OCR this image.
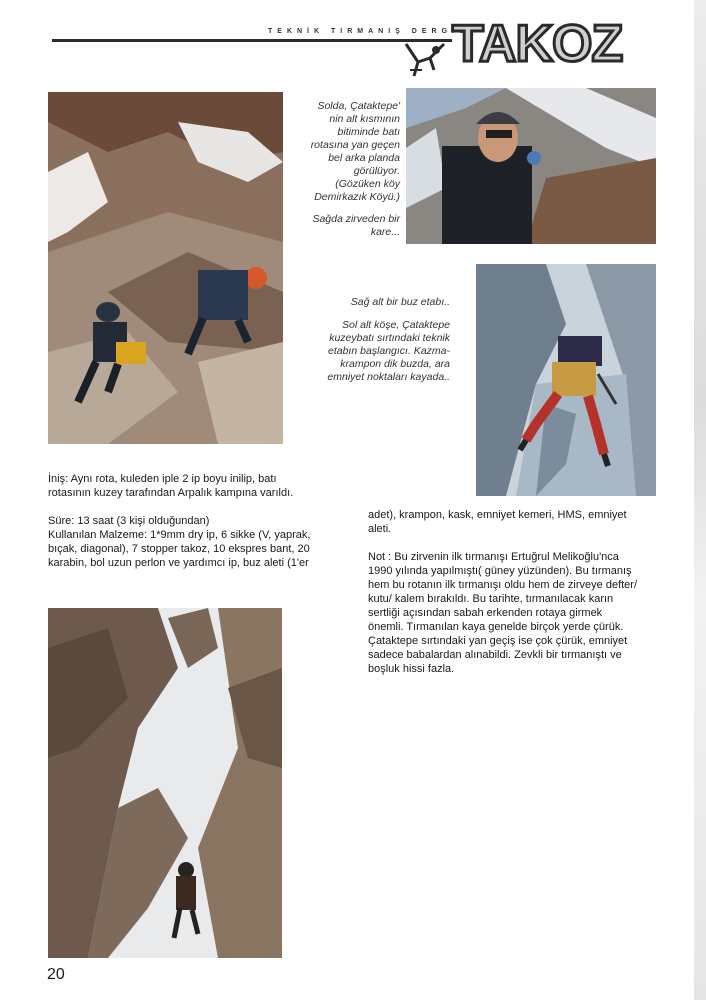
TEKNİK TIRMANIŞ DERGİSİ
TAKOZ

Solda, Çataktepe'
nin alt kısmının
bitiminde batı
rotasına yan geçen
bel arka planda
görülüyor.
(Gözüken köy
Demirkazık Köyü.)

Sağda zirveden bir
kare...

Sağ alt bir buz etabı..

Sol alt köşe, Çataktepe
kuzeybatı sırtındaki teknik
etabın başlangıcı. Kazma-
krampon dik buzda, ara
emniyet noktaları kayada..

İniş: Aynı rota, kuleden iple 2 ip boyu inilip, batı
rotasının kuzey tarafından Arpalık kampına varıldı.

Süre: 13 saat (3 kişi olduğundan)

Kullanılan Malzeme: 1*9mm dry ip, 6 sikke (V, yaprak,
bıçak, diagonal), 7 stopper takoz, 10 ekspres bant, 20
karabin, bol uzun perlon ve yardımcı ip, buz aleti (1'er

adet), krampon, kask, emniyet kemeri, HMS, emniyet
aleti.

Not : Bu zirvenin ilk tırmanışı Ertuğrul Melikoğlu'nca
1990 yılında yapılmıştı( güney yüzünden). Bu tırmanış
hem bu rotanın ilk tırmanışı oldu hem de zirveye defter/
kutu/ kalem bırakıldı. Bu tarihte, tırmanılacak karın
sertliği açısından sabah erkenden rotaya girmek
önemli. Tırmanılan kaya genelde birçok yerde çürük.
Çataktepe sırtındaki yan geçiş ise çok çürük, emniyet
sadece babalardan alınabildi. Zevkli bir tırmanıştı ve
boşluk hissi fazla.

20
